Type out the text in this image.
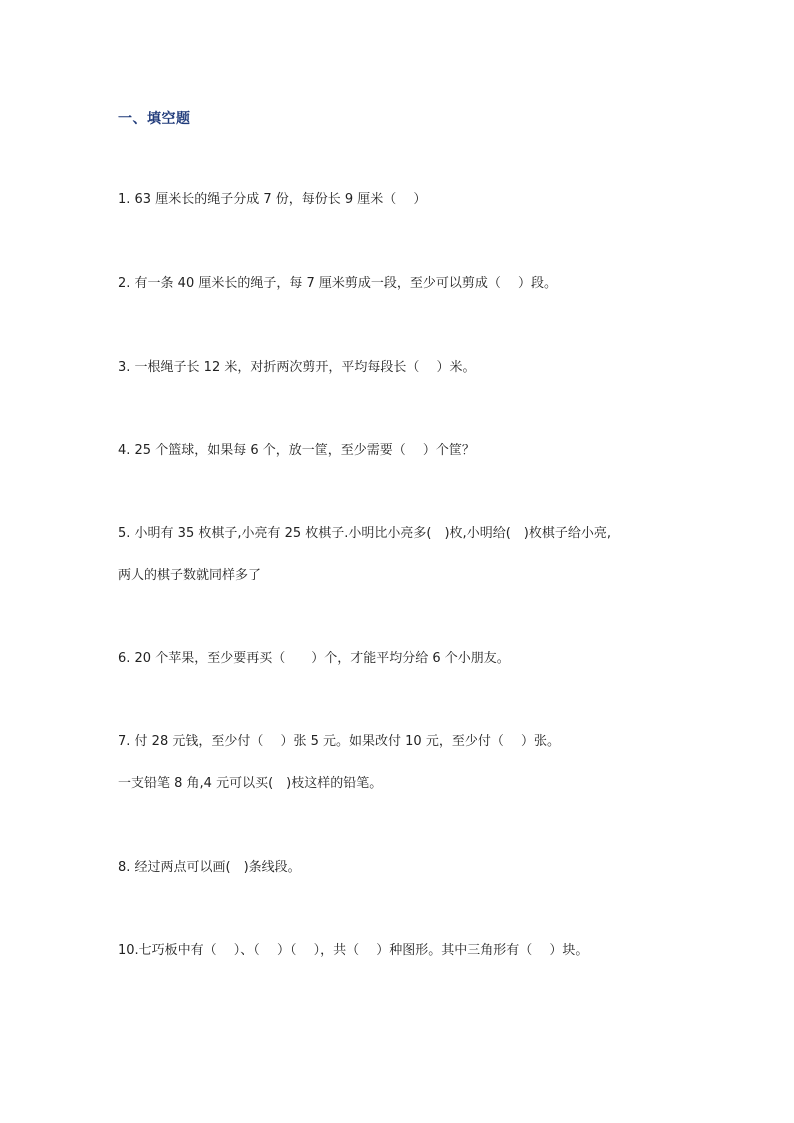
一、填空题
1. 63 厘米长的绳子分成 7 份，每份长 9 厘米（　 ）
2. 有一条 40 厘米长的绳子，每 7 厘米剪成一段，至少可以剪成（　 ）段。
3. 一根绳子长 12 米，对折两次剪开，平均每段长（　 ）米。
4. 25 个篮球，如果每 6 个，放一筐，至少需要（　 ）个筐？
5. 小明有 35 枚棋子,小亮有 25 枚棋子.小明比小亮多(　)枚,小明给(　)枚棋子给小亮,
两人的棋子数就同样多了
6. 20 个苹果，至少要再买（　　）个，才能平均分给 6 个小朋友。
7. 付 28 元钱，至少付（　 ）张 5 元。如果改付 10 元，至少付（　 ）张。
一支铅笔 8 角,4 元可以买(　)枝这样的铅笔。
8. 经过两点可以画(　)条线段。
10.七巧板中有（　 ）、（　 ）（　 ），共（　 ）种图形。其中三角形有（　 ）块。
